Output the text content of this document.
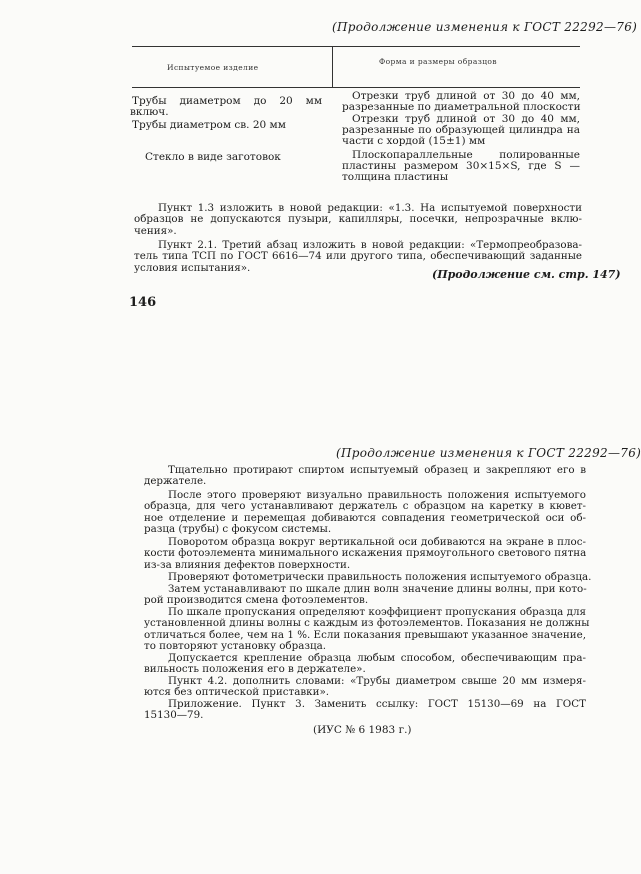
(Продолжение изменения к ГОСТ 22292—76)
Испытуемое изделие
Форма и размеры образцов
Трубы диаметром до 20 мм
включ.
Трубы диаметром св. 20 мм
Стекло в виде заготовок
Отрезки труб длиной от 30 до 40 мм,
разрезанные по диаметральной плоскости
Отрезки труб длиной от 30 до 40 мм,
разрезанные по образующей цилиндра на
части с хордой (15±1) мм
Плоскопараллельные полированные
пластины размером 30×15×S, где S —
толщина пластины
Пункт 1.3 изложить в новой редакции: «1.3. На испытуемой поверхности
образцов не допускаются пузыри, капилляры, посечки, непрозрачные вклю-
чения».
Пункт 2.1. Третий абзац изложить в новой редакции: «Термопреобразова-
тель типа ТСП по ГОСТ 6616—74 или другого типа, обеспечивающий заданные
условия испытания».
(Продолжение см. стр. 147)
146
(Продолжение изменения к ГОСТ 22292—76)
Тщательно протирают спиртом испытуемый образец и закрепляют его в
держателе.
После этого проверяют визуально правильность положения испытуемого
образца, для чего устанавливают держатель с образцом на каретку в кювет-
ное отделение и перемещая добиваются совпадения геометрической оси об-
разца (трубы) с фокусом системы.
Поворотом образца вокруг вертикальной оси добиваются на экране в плос-
кости фотоэлемента минимального искажения прямоугольного светового пятна
из-за влияния дефектов поверхности.
Проверяют фотометрически правильность положения испытуемого образца.
Затем устанавливают по шкале длин волн значение длины волны, при кото-
рой производится смена фотоэлементов.
По шкале пропускания определяют коэффициент пропускания образца для
установленной длины волны с каждым из фотоэлементов. Показания не должны
отличаться более, чем на 1 %. Если показания превышают указанное значение,
то повторяют установку образца.
Допускается крепление образца любым способом, обеспечивающим пра-
вильность положения его в держателе».
Пункт 4.2. дополнить словами: «Трубы диаметром свыше 20 мм измеря-
ются без оптической приставки».
Приложение. Пункт 3. Заменить ссылку: ГОСТ 15130—69 на ГОСТ
15130—79.
(ИУС № 6 1983 г.)
